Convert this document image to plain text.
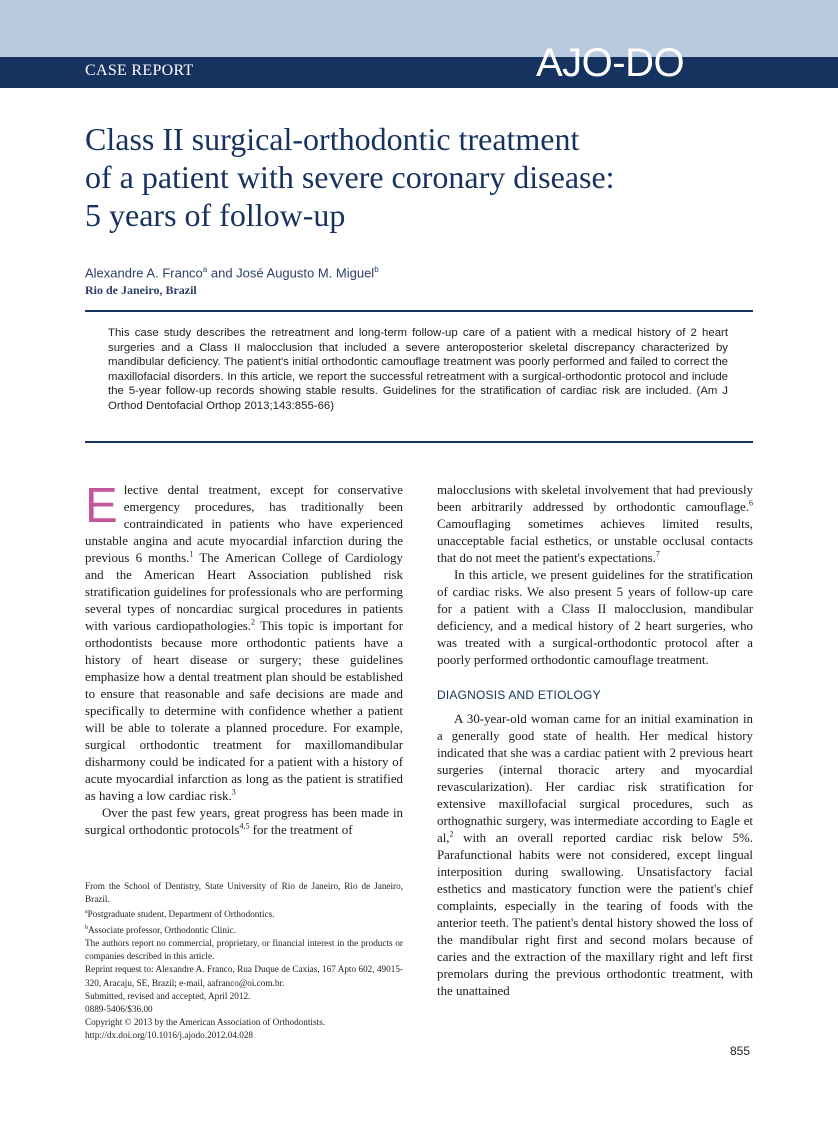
CASE REPORT	AJO-DO
Class II surgical-orthodontic treatment
of a patient with severe coronary disease:
5 years of follow-up
Alexandre A. Franco$^a$ and José Augusto M. Miguel$^b$
Rio de Janeiro, Brazil

This case study describes the retreatment and long-term follow-up care of a patient with a medical history of 2 heart surgeries and a Class II malocclusion that included a severe anteroposterior skeletal discrepancy characterized by mandibular deficiency. The patient's initial orthodontic camouflage treatment was poorly performed and failed to correct the maxillofacial disorders. In this article, we report the successful retreatment with a surgical-orthodontic protocol and include the 5-year follow-up records showing stable results. Guidelines for the stratification of cardiac risk are included. (Am J Orthod Dentofacial Orthop 2013;143:855-66)

Elective dental treatment, except for conservative emergency procedures, has traditionally been contraindicated in patients who have experienced unstable angina and acute myocardial infarction during the previous 6 months.$^1$ The American College of Cardiology and the American Heart Association published risk stratification guidelines for professionals who are performing several types of noncardiac surgical procedures in patients with various cardiopathologies.$^2$ This topic is important for orthodontists because more orthodontic patients have a history of heart disease or surgery; these guidelines emphasize how a dental treatment plan should be established to ensure that reasonable and safe decisions are made and specifically to determine with confidence whether a patient will be able to tolerate a planned procedure. For example, surgical orthodontic treatment for maxillomandibular disharmony could be indicated for a patient with a history of acute myocardial infarction as long as the patient is stratified as having a low cardiac risk.$^3$

Over the past few years, great progress has been made in surgical orthodontic protocols$^{4,5}$ for the treatment of

From the School of Dentistry, State University of Rio de Janeiro, Rio de Janeiro, Brazil.
$^a$Postgraduate student, Department of Orthodontics.
$^b$Associate professor, Orthodontic Clinic.
The authors report no commercial, proprietary, or financial interest in the products or companies described in this article.
Reprint request to: Alexandre A. Franco, Rua Duque de Caxias, 167 Apto 602, 49015-320, Aracaju, SE, Brazil; e-mail, aafranco@oi.com.br.
Submitted, revised and accepted, April 2012.
0889-5406/$36.00
Copyright © 2013 by the American Association of Orthodontists.
http://dx.doi.org/10.1016/j.ajodo.2012.04.028

malocclusions with skeletal involvement that had previously been arbitrarily addressed by orthodontic camouflage.$^6$ Camouflaging sometimes achieves limited results, unacceptable facial esthetics, or unstable occlusal contacts that do not meet the patient's expectations.$^7$

In this article, we present guidelines for the stratification of cardiac risks. We also present 5 years of follow-up care for a patient with a Class II malocclusion, mandibular deficiency, and a medical history of 2 heart surgeries, who was treated with a surgical-orthodontic protocol after a poorly performed orthodontic camouflage treatment.

DIAGNOSIS AND ETIOLOGY

A 30-year-old woman came for an initial examination in a generally good state of health. Her medical history indicated that she was a cardiac patient with 2 previous heart surgeries (internal thoracic artery and myocardial revascularization). Her cardiac risk stratification for extensive maxillofacial surgical procedures, such as orthognathic surgery, was intermediate according to Eagle et al,$^2$ with an overall reported cardiac risk below 5%. Parafunctional habits were not considered, except lingual interposition during swallowing. Unsatisfactory facial esthetics and masticatory function were the patient's chief complaints, especially in the tearing of foods with the anterior teeth. The patient's dental history showed the loss of the mandibular right first and second molars because of caries and the extraction of the maxillary right and left first premolars during the previous orthodontic treatment, with the unattained

855
